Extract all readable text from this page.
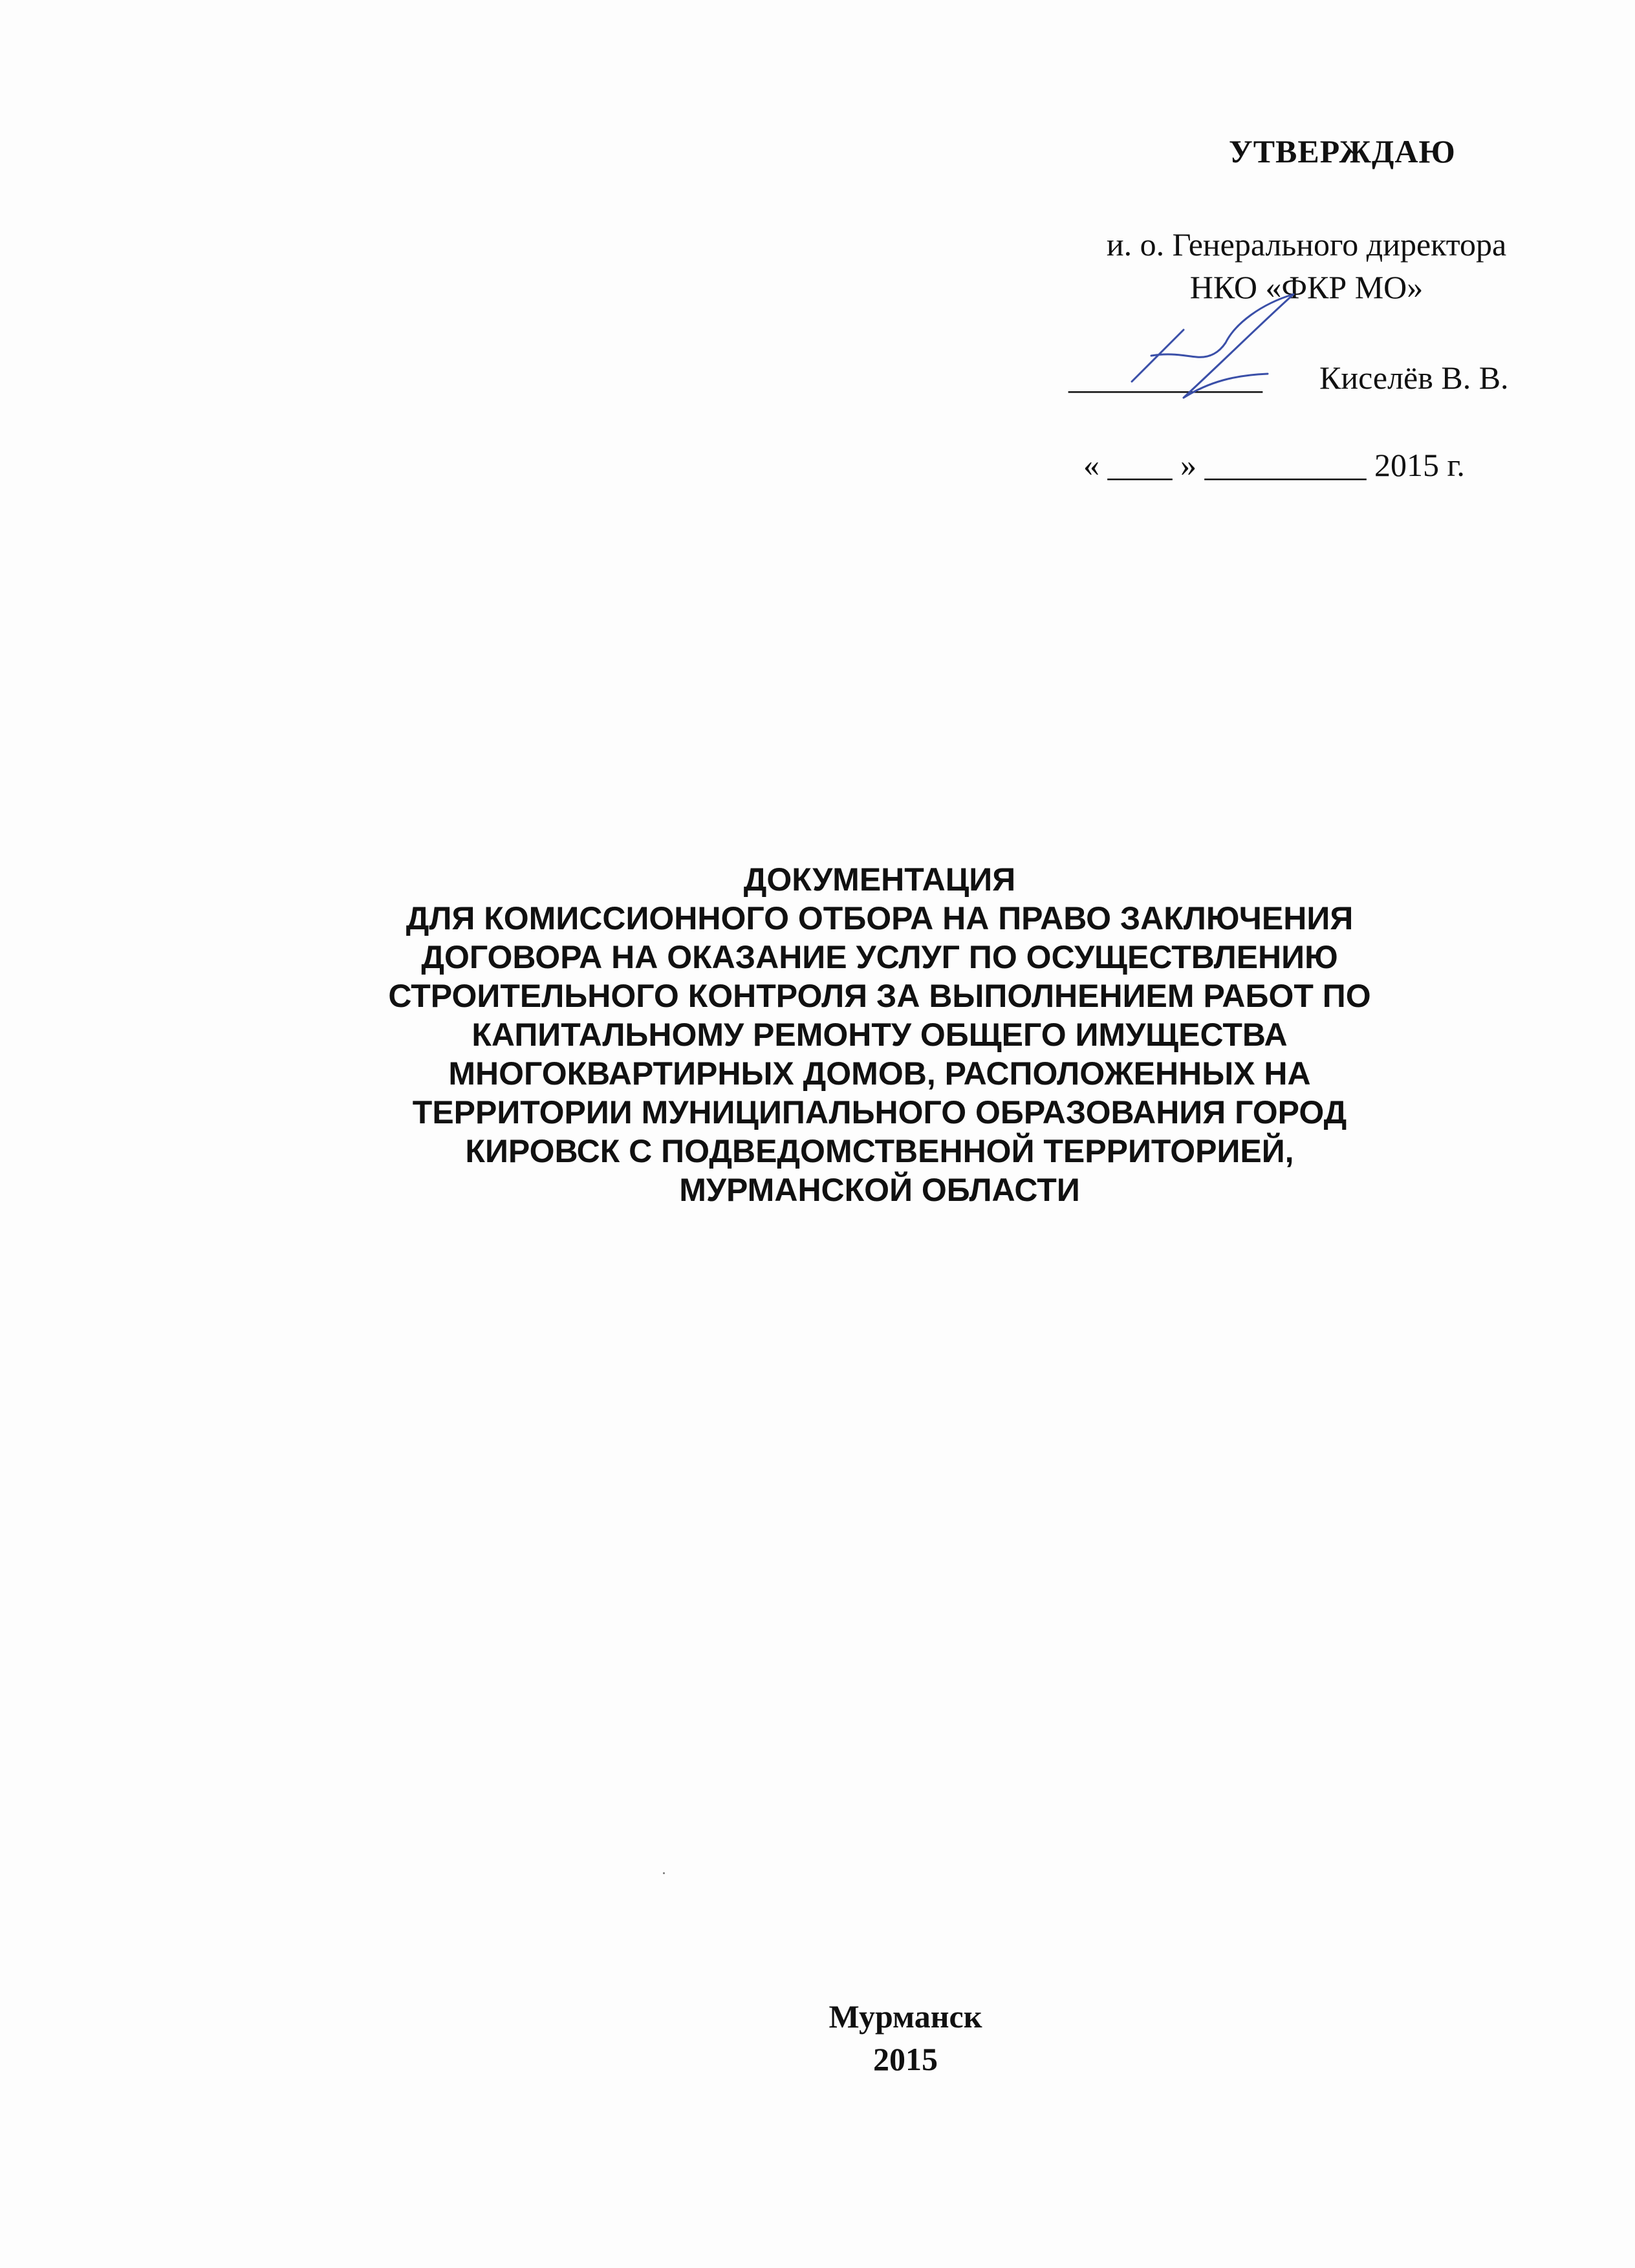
УТВЕРЖДАЮ
и. о. Генерального директора
НКО «ФКР МО»
____________ Киселёв В. В.
« ____ » __________ 2015 г.
ДОКУМЕНТАЦИЯ
ДЛЯ КОМИССИОННОГО ОТБОРА НА ПРАВО ЗАКЛЮЧЕНИЯ
ДОГОВОРА НА ОКАЗАНИЕ УСЛУГ ПО ОСУЩЕСТВЛЕНИЮ
СТРОИТЕЛЬНОГО КОНТРОЛЯ ЗА ВЫПОЛНЕНИЕМ РАБОТ ПО
КАПИТАЛЬНОМУ РЕМОНТУ ОБЩЕГО ИМУЩЕСТВА
МНОГОКВАРТИРНЫХ ДОМОВ, РАСПОЛОЖЕННЫХ НА
ТЕРРИТОРИИ МУНИЦИПАЛЬНОГО ОБРАЗОВАНИЯ ГОРОД
КИРОВСК С ПОДВЕДОМСТВЕННОЙ ТЕРРИТОРИЕЙ,
МУРМАНСКОЙ ОБЛАСТИ
Мурманск
2015
